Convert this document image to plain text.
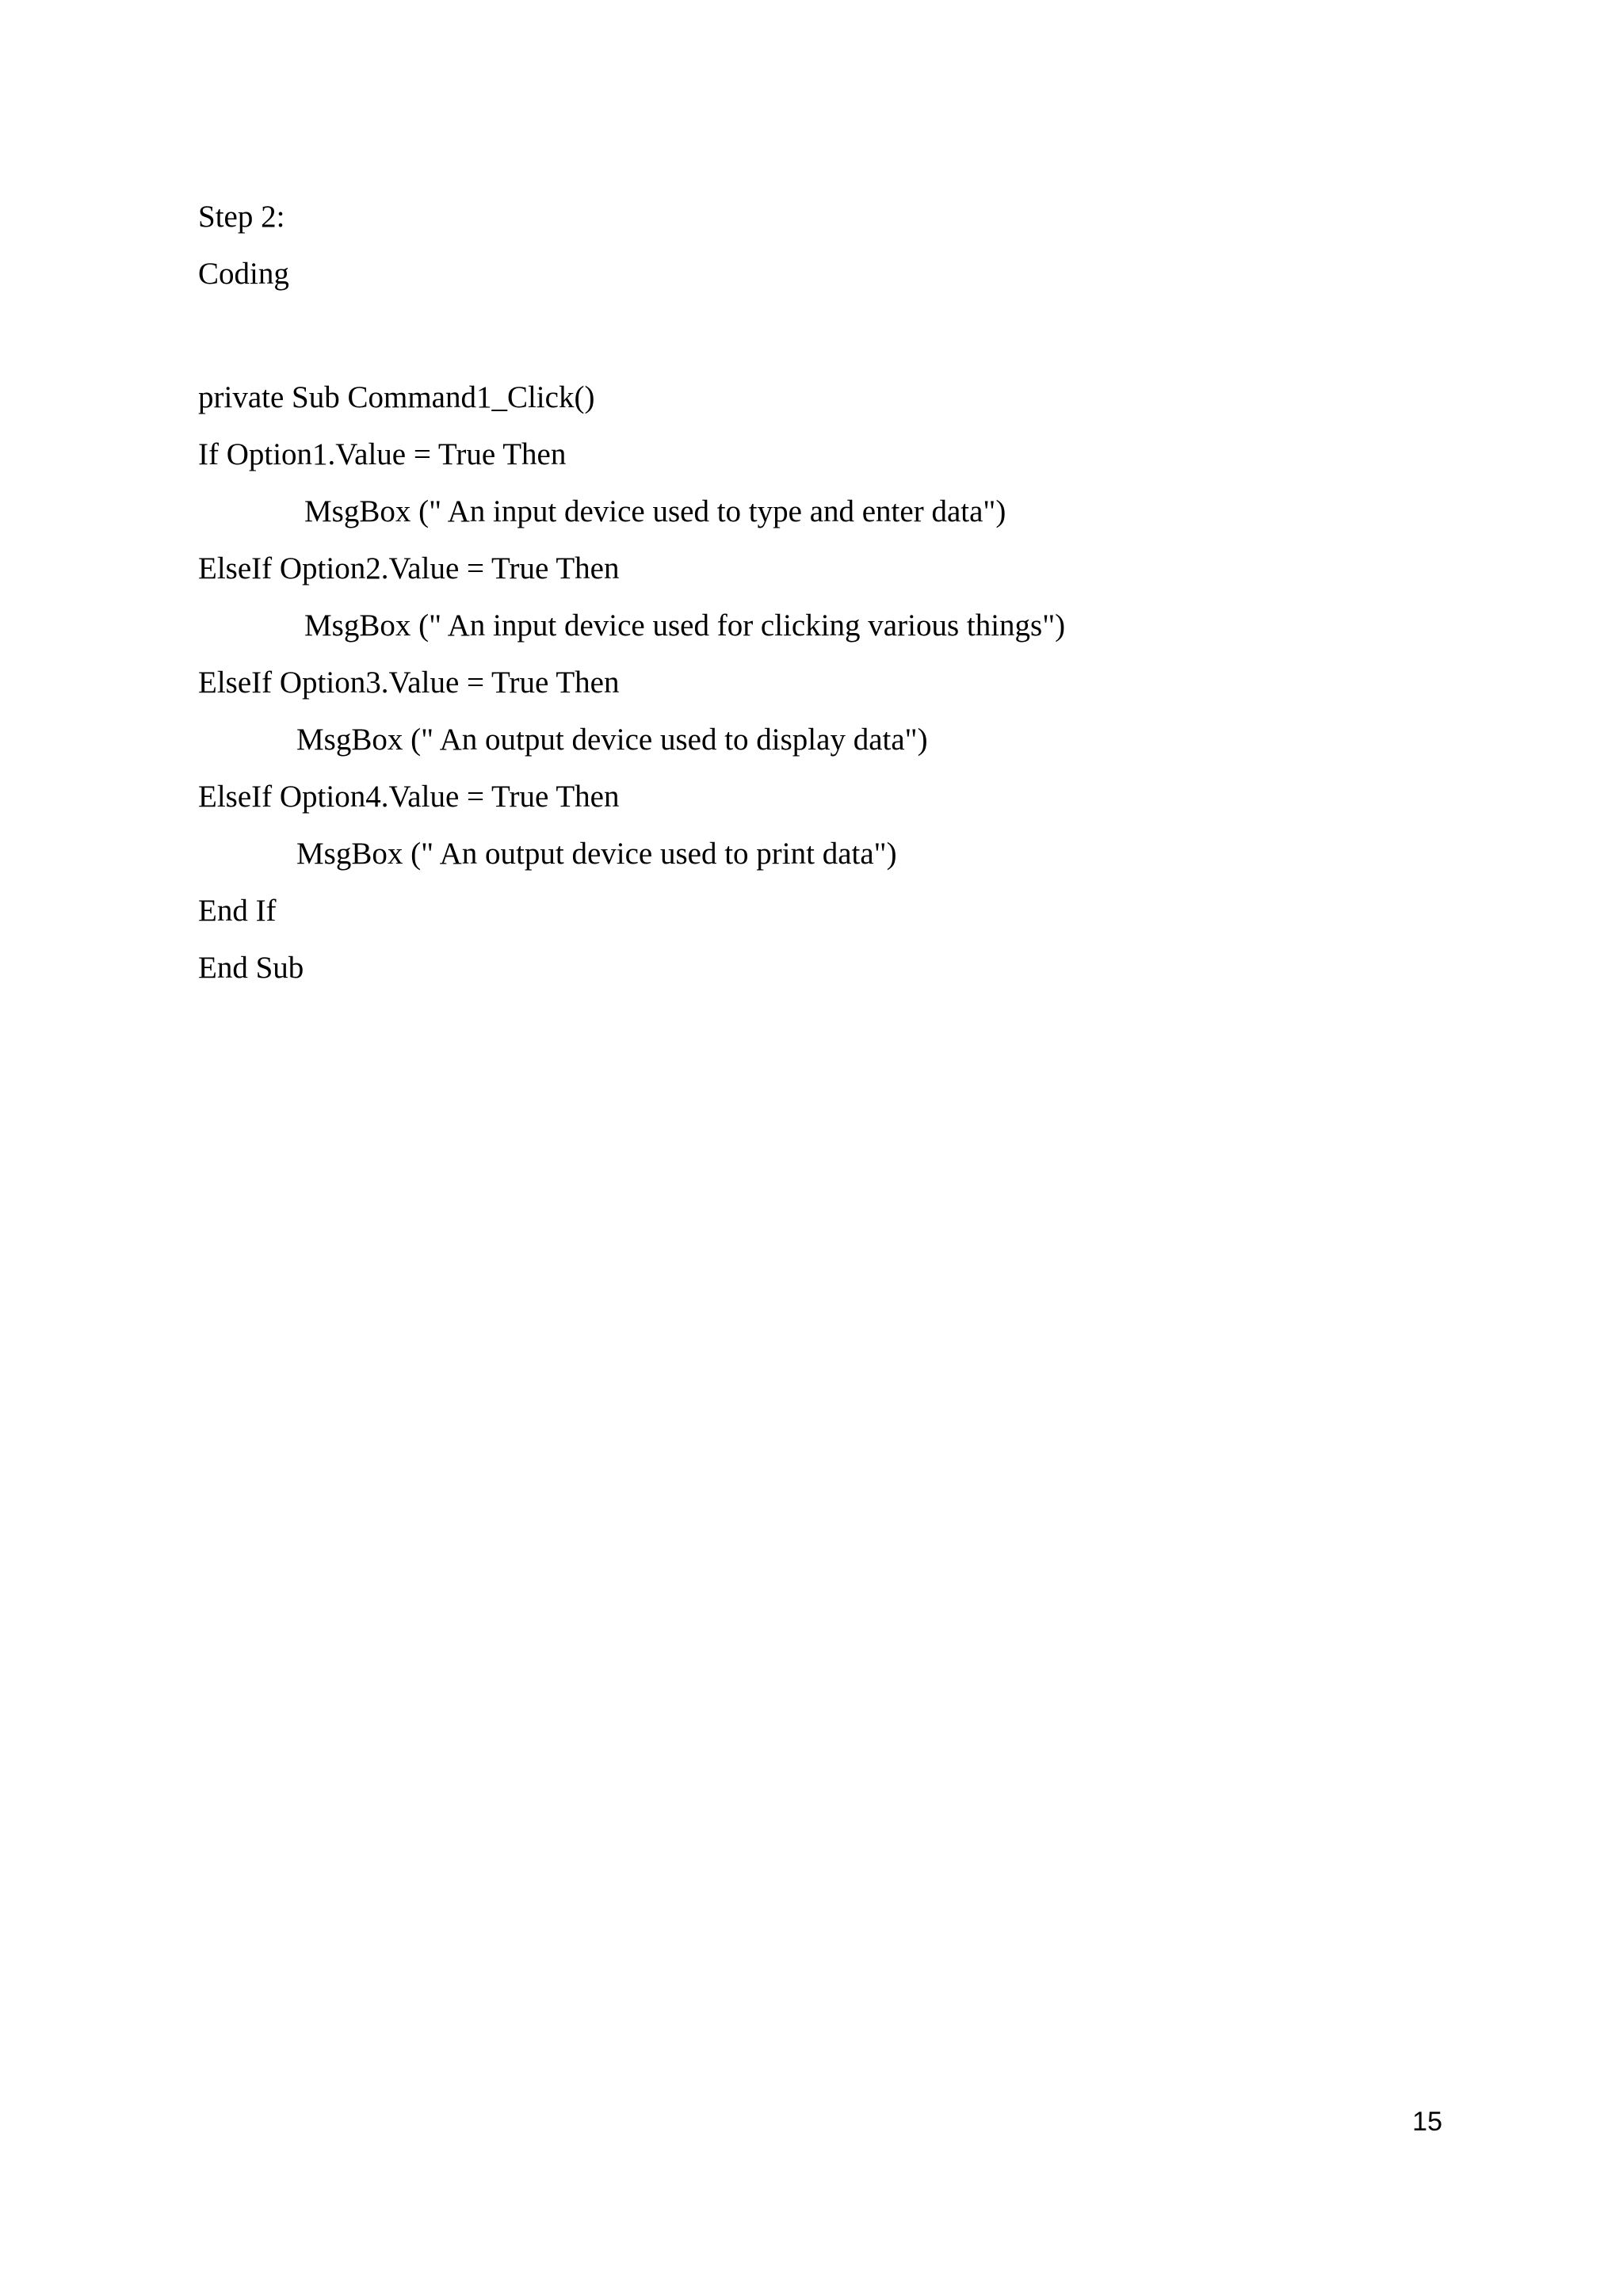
Step 2:

Coding

private Sub Command1_Click()

If Option1.Value = True Then

MsgBox (" An input device used to type and enter data")

ElseIf Option2.Value = True Then

MsgBox (" An input device used for clicking various things")

ElseIf Option3.Value = True Then

MsgBox (" An output device used to display data")

ElseIf Option4.Value = True Then

MsgBox (" An output device used to print data")

End If

End Sub

15
